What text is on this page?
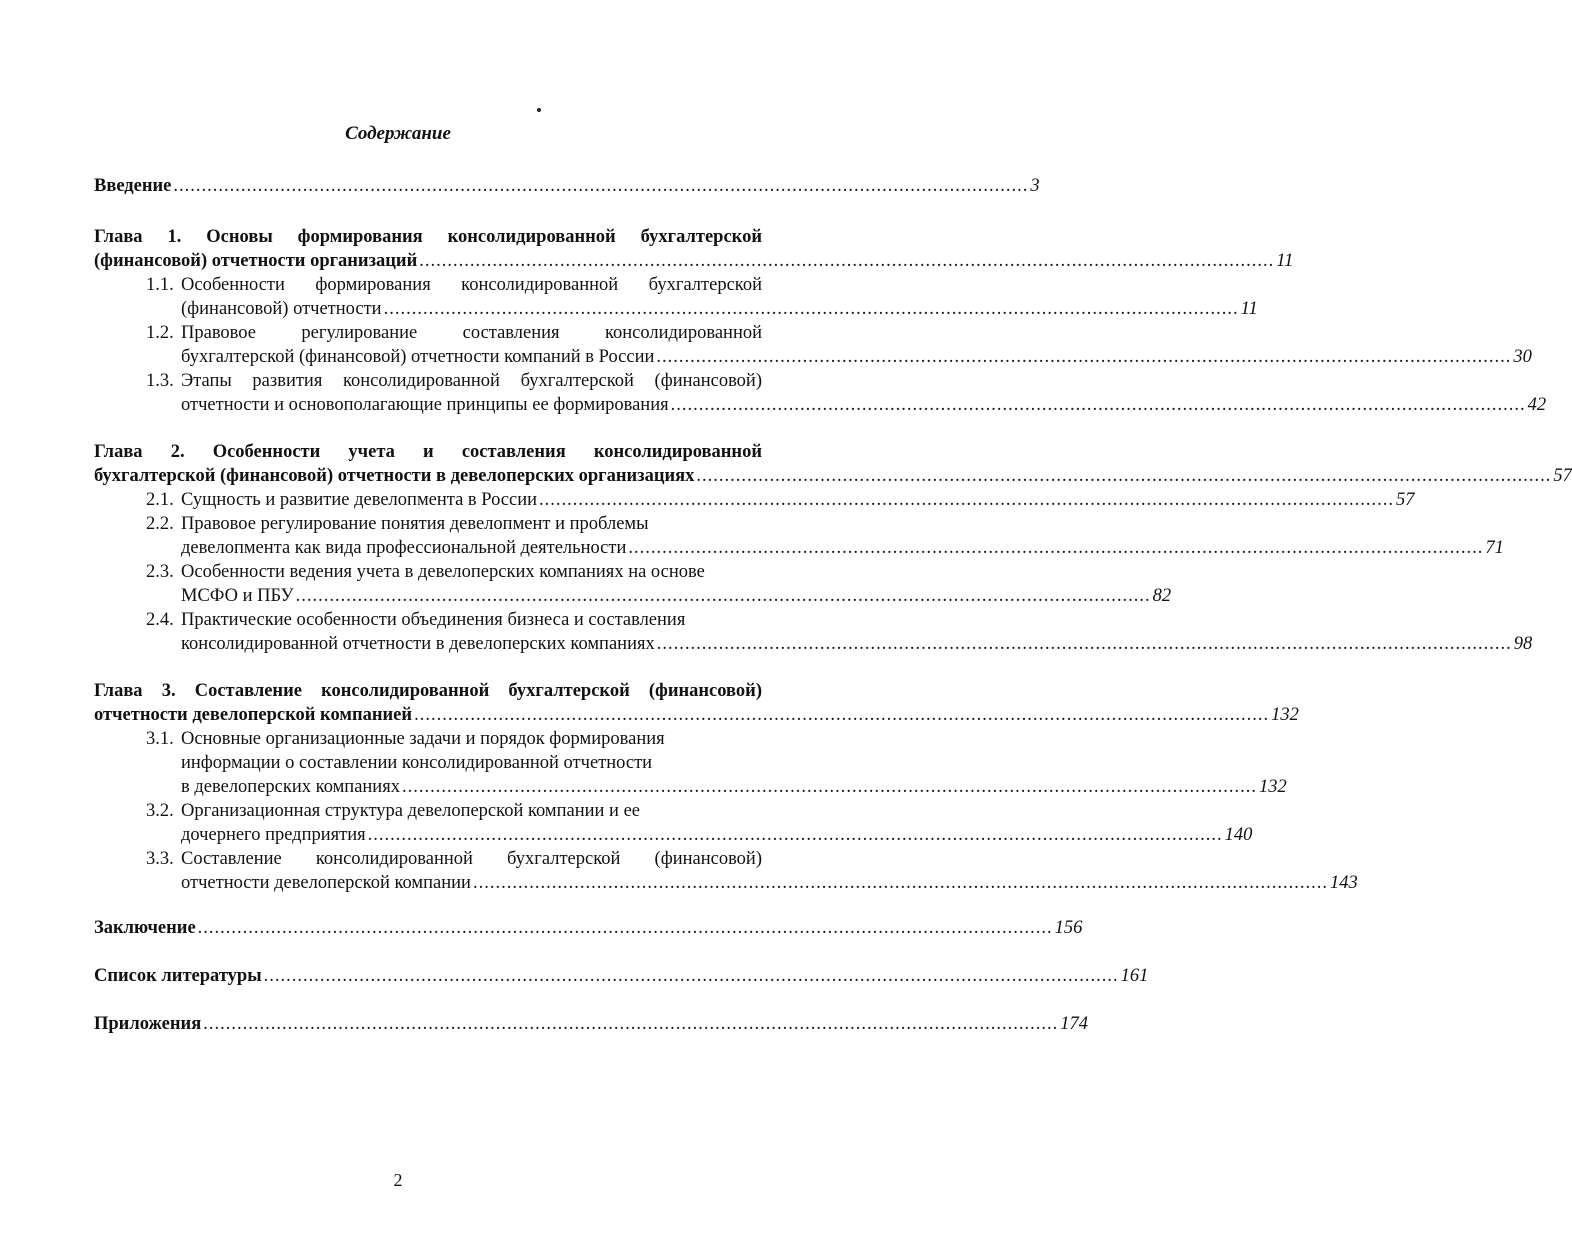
Содержание
Введение ........................................................................................................................................................ 3
Глава 1. Основы формирования консолидированной бухгалтерской
(финансовой) отчетности организаций ........................................................................................................................................................ 11
1.1. Особенности формирования консолидированной бухгалтерской
(финансовой) отчетности ........................................................................................................................................................ 11
1.2. Правовое регулирование составления консолидированной
бухгалтерской (финансовой) отчетности компаний в России ........................................................................................................................................................ 30
1.3. Этапы развития консолидированной бухгалтерской (финансовой)
отчетности и основополагающие принципы ее формирования ........................................................................................................................................................ 42
Глава 2. Особенности учета и составления консолидированной
бухгалтерской (финансовой) отчетности в девелоперских организациях ........................................................................................................................................................ 57
2.1. Сущность и развитие девелопмента в России ........................................................................................................................................................ 57
2.2. Правовое регулирование понятия девелопмент и проблемы
девелопмента как вида профессиональной деятельности ........................................................................................................................................................ 71
2.3. Особенности ведения учета в девелоперских компаниях на основе
МСФО и ПБУ ........................................................................................................................................................ 82
2.4. Практические особенности объединения бизнеса и составления
консолидированной отчетности в девелоперских компаниях ........................................................................................................................................................ 98
Глава 3. Составление консолидированной бухгалтерской (финансовой)
отчетности девелоперской компанией ........................................................................................................................................................ 132
3.1. Основные организационные задачи и порядок формирования
информации о составлении консолидированной отчетности
в девелоперских компаниях ........................................................................................................................................................ 132
3.2. Организационная структура девелоперской компании и ее
дочернего предприятия ........................................................................................................................................................ 140
3.3. Составление консолидированной бухгалтерской (финансовой)
отчетности девелоперской компании ........................................................................................................................................................ 143
Заключение ........................................................................................................................................................ 156
Список литературы ........................................................................................................................................................ 161
Приложения ........................................................................................................................................................ 174
2
